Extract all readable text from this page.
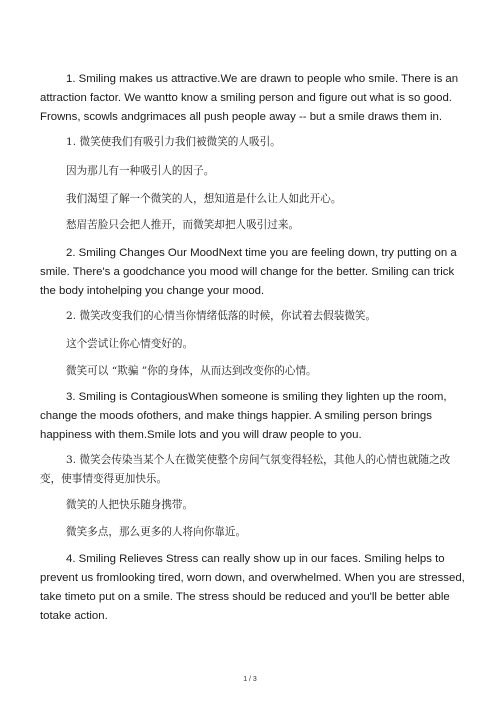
1. Smiling makes us attractive.We are drawn to people who smile. There is an attraction factor. We wantto know a smiling person and figure out what is so good. Frowns, scowls andgrimaces all push people away -- but a smile draws them in.

1. 微笑使我们有吸引力我们被微笑的人吸引。

因为那儿有一种吸引人的因子。

我们渴望了解一个微笑的人，想知道是什么让人如此开心。

愁眉苦脸只会把人推开，而微笑却把人吸引过来。

2. Smiling Changes Our MoodNext time you are feeling down, try putting on a smile. There's a goodchance you mood will change for the better. Smiling can trick the body intohelping you change your mood.

2. 微笑改变我们的心情当你情绪低落的时候，你试着去假装微笑。

这个尝试让你心情变好的。

微笑可以 “欺骗 ”你的身体，从而达到改变你的心情。

3. Smiling is ContagiousWhen someone is smiling they lighten up the room, change the moods ofothers, and make things happier. A smiling person brings happiness with them.Smile lots and you will draw people to you.

3. 微笑会传染当某个人在微笑使整个房间气氛变得轻松，其他人的心情也就随之改变，使事情变得更加快乐。

微笑的人把快乐随身携带。

微笑多点，那么更多的人将向你靠近。

4. Smiling Relieves Stress can really show up in our faces. Smiling helps to prevent us fromlooking tired, worn down, and overwhelmed. When you are stressed, take timeto put on a smile. The stress should be reduced and you'll be better able totake action.

1 / 3
